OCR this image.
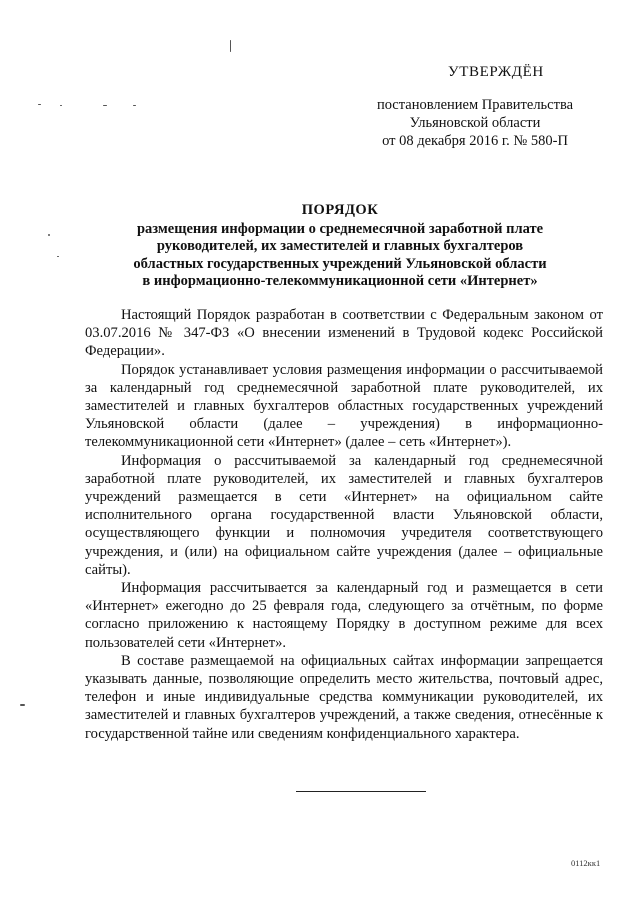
УТВЕРЖДЁН
постановлением Правительства
Ульяновской области
от 08 декабря 2016 г. № 580-П
ПОРЯДОК
размещения информации о среднемесячной заработной плате
руководителей, их заместителей и главных бухгалтеров
областных государственных учреждений Ульяновской области
в информационно-телекоммуникационной сети «Интернет»

Настоящий Порядок разработан в соответствии с Федеральным законом от 03.07.2016 № 347-ФЗ «О внесении изменений в Трудовой кодекс Российской Федерации».

Порядок устанавливает условия размещения информации о рассчитываемой за календарный год среднемесячной заработной плате руководителей, их заместителей и главных бухгалтеров областных государственных учреждений Ульяновской области (далее – учреждения) в информационно-телекоммуникационной сети «Интернет» (далее – сеть «Интернет»).

Информация о рассчитываемой за календарный год среднемесячной заработной плате руководителей, их заместителей и главных бухгалтеров учреждений размещается в сети «Интернет» на официальном сайте исполнительного органа государственной власти Ульяновской области, осуществляющего функции и полномочия учредителя соответствующего учреждения, и (или) на официальном сайте учреждения (далее – официальные сайты).

Информация рассчитывается за календарный год и размещается в сети «Интернет» ежегодно до 25 февраля года, следующего за отчётным, по форме согласно приложению к настоящему Порядку в доступном режиме для всех пользователей сети «Интернет».

В составе размещаемой на официальных сайтах информации запрещается указывать данные, позволяющие определить место жительства, почтовый адрес, телефон и иные индивидуальные средства коммуникации руководителей, их заместителей и главных бухгалтеров учреждений, а также сведения, отнесённые к государственной тайне или сведениям конфиденциального характера.

0112кк1
